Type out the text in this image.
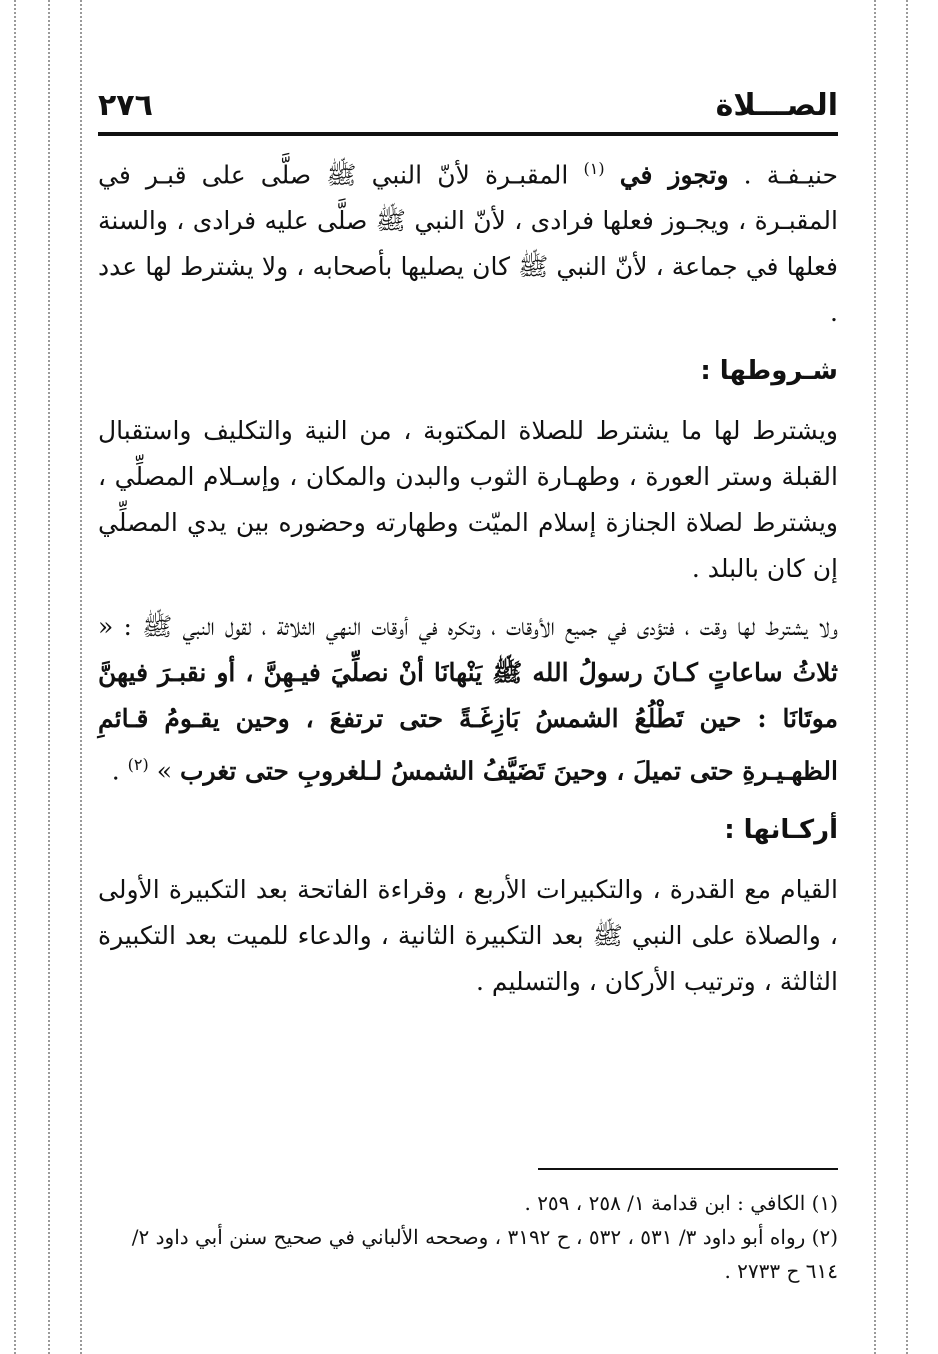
الصـــلاة
٢٧٦

حنيـفـة . وتجوز في $^{(١)}$ المقبـرة لأنّ النبي ﷺ صلَّى على قبـر في المقبـرة ، ويجـوز فعلها فرادى ، لأنّ النبي ﷺ صلَّى عليه فرادى ، والسنة فعلها في جماعة ، لأنّ النبي ﷺ كان يصليها بأصحابه ، ولا يشترط لها عدد .

شـروطها :

ويشترط لها ما يشترط للصلاة المكتوبة ، من النية والتكليف واستقبال القبلة وستر العورة ، وطهـارة الثوب والبدن والمكان ، وإسـلام المصلِّي ، ويشترط لصلاة الجنازة إسلام الميّت وطهارته وحضوره بين يدي المصلِّي إن كان بالبلد .

ولا يشترط لها وقت ، فتؤدى في جميع الأوقات ، وتكره في أوقات النهي الثلاثة ، لقول النبي ﷺ : « ثلاثُ ساعاتٍ كـانَ رسولُ الله ﷺ يَنْهانَا أنْ نصلِّيَ فيـهِنَّ ، أو نقبـرَ فيهنَّ موتَانَا : حين تَطْلُعُ الشمسُ بَازِغَـةً حتى ترتفعَ ، وحين يقـومُ قـائمِ الظهـيـرةِ حتى تميلَ ، وحينَ تَضَيَّفُ الشمسُ لـلغروبِ حتى تغرب » $^{(٢)}$ .

أركـانها :

القيام مع القدرة ، والتكبيرات الأربع ، وقراءة الفاتحة بعد التكبيرة الأولى ، والصلاة على النبي ﷺ بعد التكبيرة الثانية ، والدعاء للميت بعد التكبيرة الثالثة ، وترتيب الأركان ، والتسليم .

(١) الكافي : ابن قدامة ١/ ٢٥٨ ، ٢٥٩ .

(٢) رواه أبو داود ٣/ ٥٣١ ، ٥٣٢ ، ح ٣١٩٢ ، وصححه الألباني في صحيح سنن أبي داود ٢/ ٦١٤ ح ٢٧٣٣ .
